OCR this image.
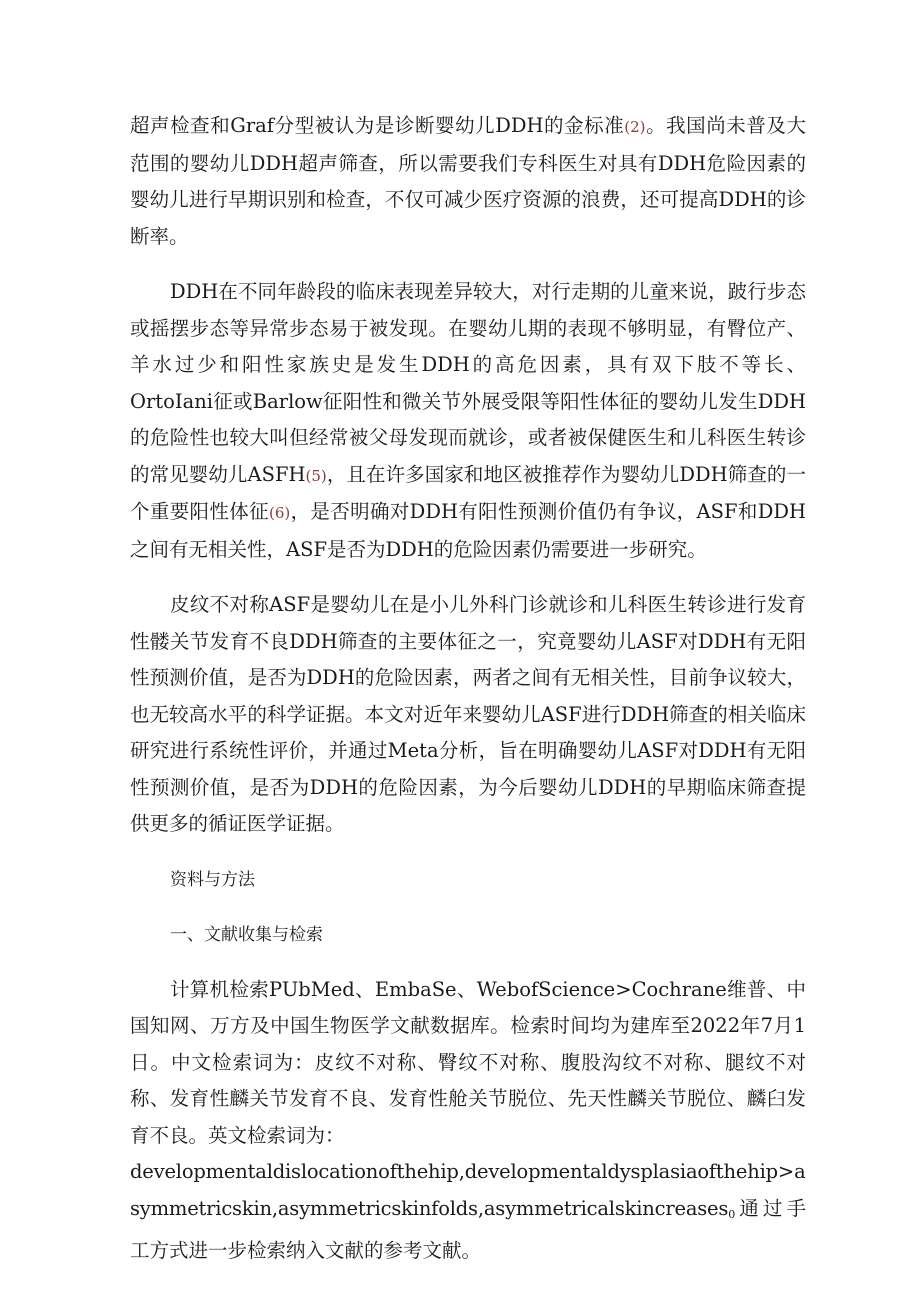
超声检查和Graf分型被认为是诊断婴幼儿DDH的金标准(2)。我国尚未普及大范围的婴幼儿DDH超声筛查，所以需要我们专科医生对具有DDH危险因素的婴幼儿进行早期识别和检查，不仅可减少医疗资源的浪费，还可提高DDH的诊断率。

DDH在不同年龄段的临床表现差异较大，对行走期的儿童来说，跛行步态或摇摆步态等异常步态易于被发现。在婴幼儿期的表现不够明显，有臀位产、羊水过少和阳性家族史是发生DDH的高危因素，具有双下肢不等长、OrtoIani征或Barlow征阳性和微关节外展受限等阳性体征的婴幼儿发生DDH的危险性也较大叫但经常被父母发现而就诊，或者被保健医生和儿科医生转诊的常见婴幼儿ASFH(5)，且在许多国家和地区被推荐作为婴幼儿DDH筛查的一个重要阳性体征(6)，是否明确对DDH有阳性预测价值仍有争议，ASF和DDH之间有无相关性，ASF是否为DDH的危险因素仍需要进一步研究。

皮纹不对称ASF是婴幼儿在是小儿外科门诊就诊和儿科医生转诊进行发育性髅关节发育不良DDH筛查的主要体征之一，究竟婴幼儿ASF对DDH有无阳性预测价值，是否为DDH的危险因素，两者之间有无相关性，目前争议较大，也无较高水平的科学证据。本文对近年来婴幼儿ASF进行DDH筛查的相关临床研究进行系统性评价，并通过Meta分析，旨在明确婴幼儿ASF对DDH有无阳性预测价值，是否为DDH的危险因素，为今后婴幼儿DDH的早期临床筛查提供更多的循证医学证据。

资料与方法
一、文献收集与检索

计算机检索PUbMed、EmbaSe、WebofScience>Cochrane维普、中国知网、万方及中国生物医学文献数据库。检索时间均为建库至2022年7月1日。中文检索词为：皮纹不对称、臀纹不对称、腹股沟纹不对称、腿纹不对称、发育性麟关节发育不良、发育性舱关节脱位、先天性麟关节脱位、麟臼发育不良。英文检索词为：

developmentaldislocationofthehip,developmentaldysplasiaofthehip>asymmetricskin,asymmetricskinfolds,asymmetricalskincreas$es_0$通过手工方式进一步检索纳入文献的参考文献。
